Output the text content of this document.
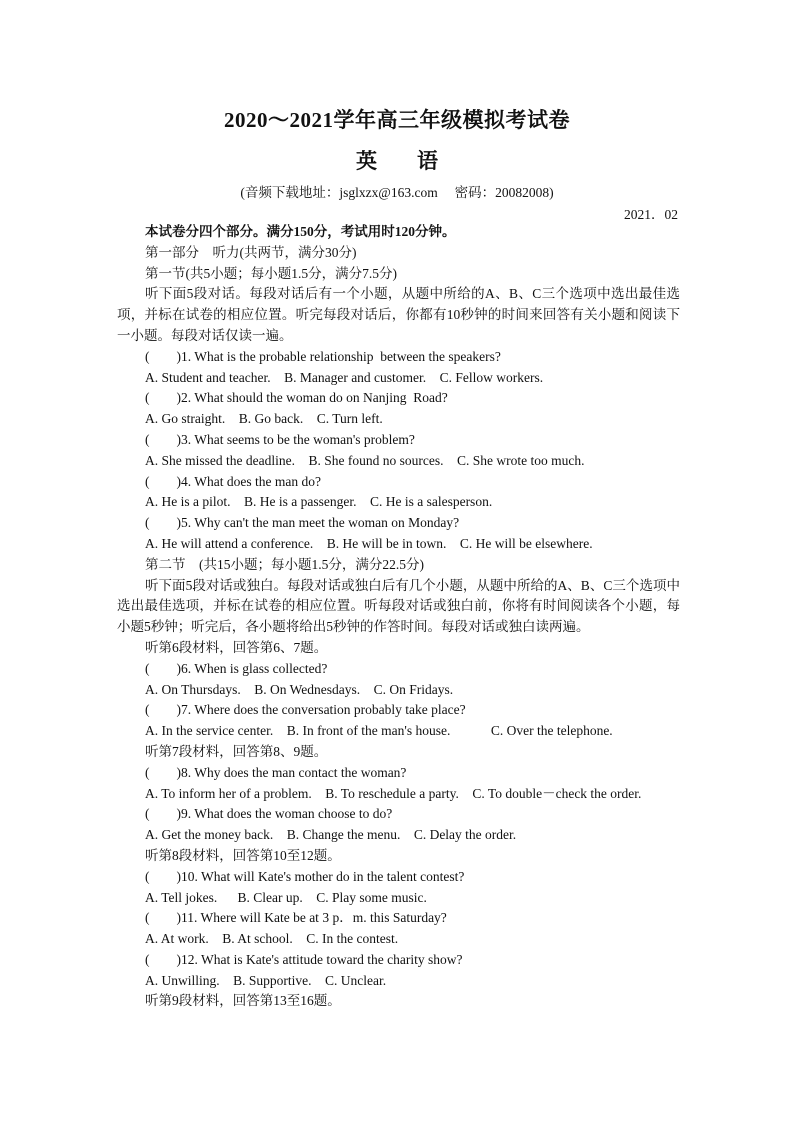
2020～2021学年高三年级模拟考试卷
英 语
(音频下载地址：jsglxzx@163.com　 密码：20082008)
2021．02

本试卷分四个部分。满分150分，考试用时120分钟。

第一部分　听力(共两节，满分30分)

第一节(共5小题；每小题1.5分，满分7.5分)

听下面5段对话。每段对话后有一个小题，从题中所给的A、B、C三个选项中选出最佳选项，并标在试卷的相应位置。听完每段对话后，你都有10秒钟的时间来回答有关小题和阅读下一小题。每段对话仅读一遍。

(　　)1. What is the probable relationship  between the speakers?

A. Student and teacher.    B. Manager and customer.    C. Fellow workers.

(　　)2. What should the woman do on Nanjing  Road?

A. Go straight.    B. Go back.    C. Turn left.

(　　)3. What seems to be the woman's problem?

A. She missed the deadline.    B. She found no sources.    C. She wrote too much.

(　　)4. What does the man do?

A. He is a pilot.    B. He is a passenger.    C. He is a salesperson.

(　　)5. Why can't the man meet the woman on Monday?

A. He will attend a conference.    B. He will be in town.    C. He will be elsewhere.

第二节　(共15小题；每小题1.5分，满分22.5分)

听下面5段对话或独白。每段对话或独白后有几个小题，从题中所给的A、B、C三个选项中选出最佳选项，并标在试卷的相应位置。听每段对话或独白前，你将有时间阅读各个小题，每小题5秒钟；听完后，各小题将给出5秒钟的作答时间。每段对话或独白读两遍。

听第6段材料，回答第6、7题。

(　　)6. When is glass collected?

A. On Thursdays.    B. On Wednesdays.    C. On Fridays.

(　　)7. Where does the conversation probably take place?

A. In the service center.    B. In front of the man's house.            C. Over the telephone.

听第7段材料，回答第8、9题。

(　　)8. Why does the man contact the woman?

A. To inform her of a problem.    B. To reschedule a party.    C. To double－check the order.

(　　)9. What does the woman choose to do?

A. Get the money back.    B. Change the menu.    C. Delay the order.

听第8段材料，回答第10至12题。

(　　)10. What will Kate's mother do in the talent contest?

A. Tell jokes.      B. Clear up.    C. Play some music.

(　　)11. Where will Kate be at 3 p．m. this Saturday?

A. At work.    B. At school.    C. In the contest.

(　　)12. What is Kate's attitude toward the charity show?

A. Unwilling.    B. Supportive.    C. Unclear.

听第9段材料，回答第13至16题。
